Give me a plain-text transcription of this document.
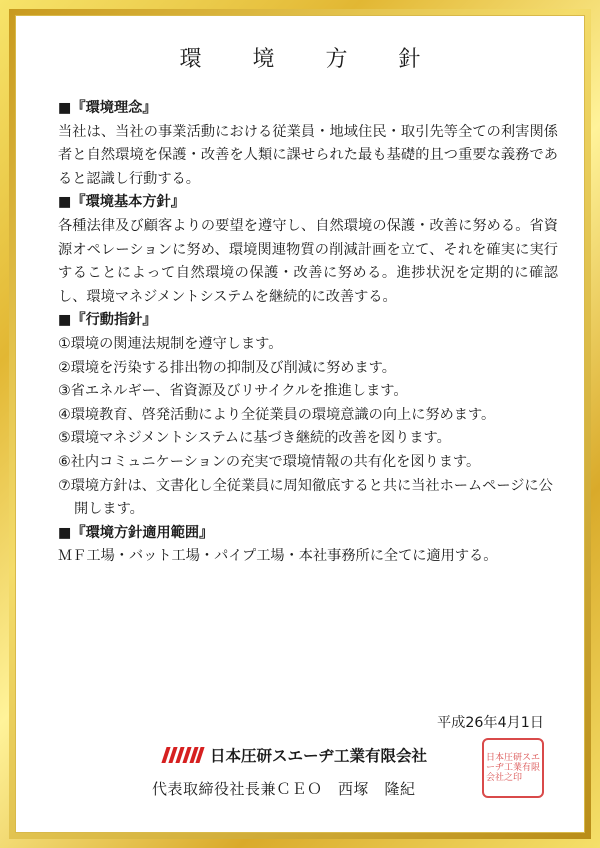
環 境 方 針
■『環境理念』
当社は、当社の事業活動における従業員・地域住民・取引先等全ての利害関係者と自然環境を保護・改善を人類に課せられた最も基礎的且つ重要な義務であると認識し行動する。
■『環境基本方針』
各種法律及び顧客よりの要望を遵守し、自然環境の保護・改善に努める。省資源オペレーションに努め、環境関連物質の削減計画を立て、それを確実に実行することによって自然環境の保護・改善に努める。進捗状況を定期的に確認し、環境マネジメントシステムを継続的に改善する。
■『行動指針』
①環境の関連法規制を遵守します。
②環境を汚染する排出物の抑制及び削減に努めます。
③省エネルギー、省資源及びリサイクルを推進します。
④環境教育、啓発活動により全従業員の環境意識の向上に努めます。
⑤環境マネジメントシステムに基づき継続的改善を図ります。
⑥社内コミュニケーションの充実で環境情報の共有化を図ります。
⑦環境方針は、文書化し全従業員に周知徹底すると共に当社ホームページに公開します。
■『環境方針適用範囲』
ＭＦ工場・バット工場・パイプ工場・本社事務所に全てに適用する。
平成26年4月1日
日本圧研スエーヂ工業有限会社
代表取締役社長兼ＣＥＯ　西塚　隆紀
日本圧研スエーヂ工業有限会社之印
